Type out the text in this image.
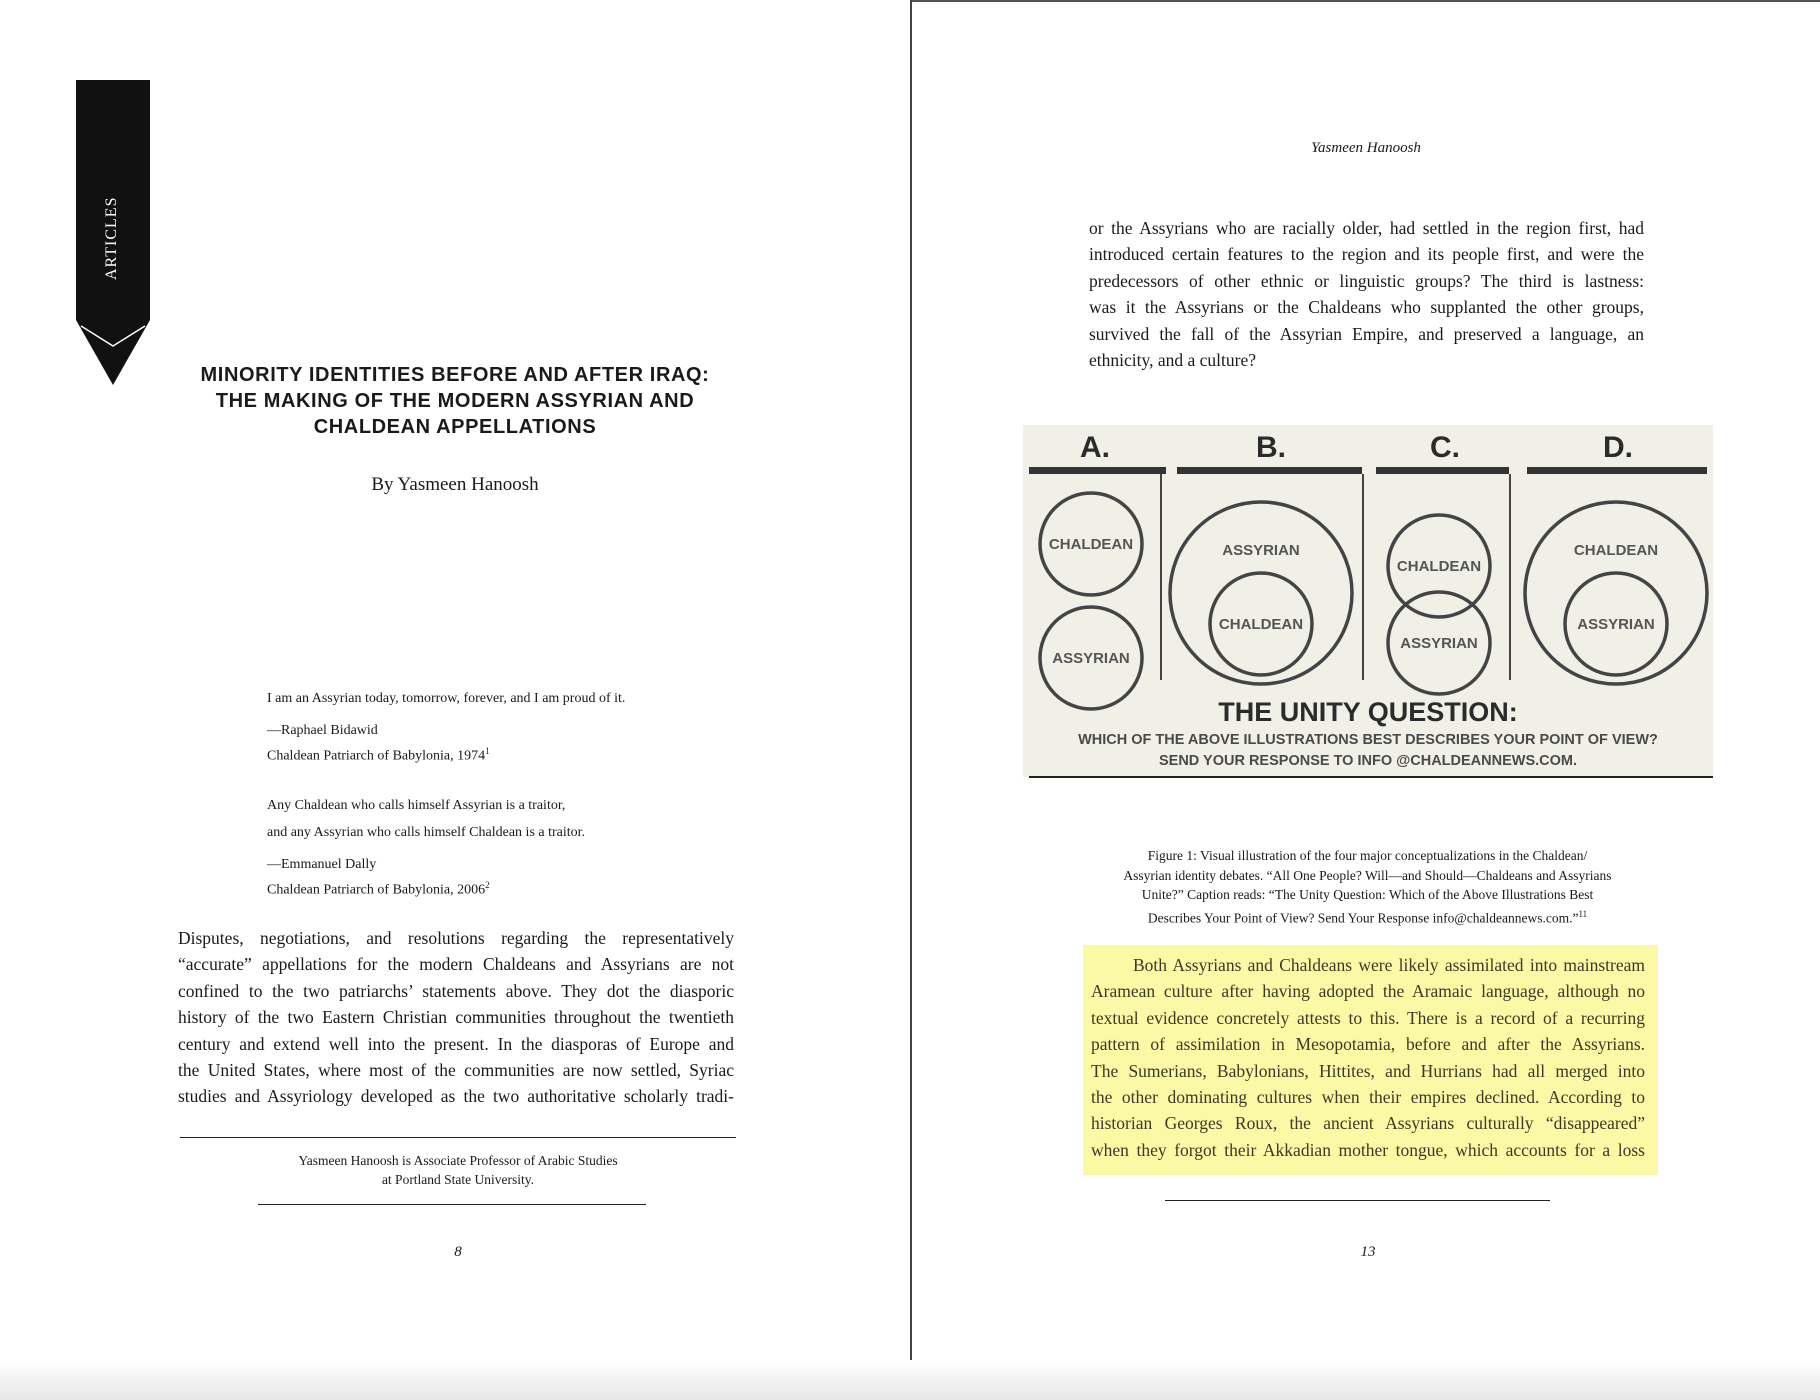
ARTICLES
MINORITY IDENTITIES BEFORE AND AFTER IRAQ:
THE MAKING OF THE MODERN ASSYRIAN AND
CHALDEAN APPELLATIONS
By Yasmeen Hanoosh
I am an Assyrian today, tomorrow, forever, and I am proud of it.
—Raphael Bidawid
Chaldean Patriarch of Babylonia, 1974$^1$
Any Chaldean who calls himself Assyrian is a traitor,
and any Assyrian who calls himself Chaldean is a traitor.
—Emmanuel Dally
Chaldean Patriarch of Babylonia, 2006$^2$
Disputes, negotiations, and resolutions regarding the representatively
“accurate” appellations for the modern Chaldeans and Assyrians are not
confined to the two patriarchs’ statements above. They dot the diasporic
history of the two Eastern Christian communities throughout the twentieth
century and extend well into the present. In the diasporas of Europe and
the United States, where most of the communities are now settled, Syriac
studies and Assyriology developed as the two authoritative scholarly tradi-
Yasmeen Hanoosh is Associate Professor of Arabic Studies
at Portland State University.
8
Yasmeen Hanoosh
or the Assyrians who are racially older, had settled in the region first, had
introduced certain features to the region and its people first, and were the
predecessors of other ethnic or linguistic groups? The third is lastness:
was it the Assyrians or the Chaldeans who supplanted the other groups,
survived the fall of the Assyrian Empire, and preserved a language, an
ethnicity, and a culture?
A.	B.	C.	D.
CHALDEAN
ASSYRIAN
ASSYRIAN
CHALDEAN
CHALDEAN
ASSYRIAN
CHALDEAN
ASSYRIAN
THE UNITY QUESTION:
WHICH OF THE ABOVE ILLUSTRATIONS BEST DESCRIBES YOUR POINT OF VIEW?
SEND YOUR RESPONSE TO INFO @CHALDEANNEWS.COM.
Figure 1: Visual illustration of the four major conceptualizations in the Chaldean/
Assyrian identity debates. “All One People? Will—and Should—Chaldeans and Assyrians
Unite?” Caption reads: “The Unity Question: Which of the Above Illustrations Best
Describes Your Point of View? Send Your Response info@chaldeannews.com.”$^{11}$
Both Assyrians and Chaldeans were likely assimilated into mainstream
Aramean culture after having adopted the Aramaic language, although no
textual evidence concretely attests to this. There is a record of a recurring
pattern of assimilation in Mesopotamia, before and after the Assyrians.
The Sumerians, Babylonians, Hittites, and Hurrians had all merged into
the other dominating cultures when their empires declined. According to
historian Georges Roux, the ancient Assyrians culturally “disappeared”
when they forgot their Akkadian mother tongue, which accounts for a loss
13
